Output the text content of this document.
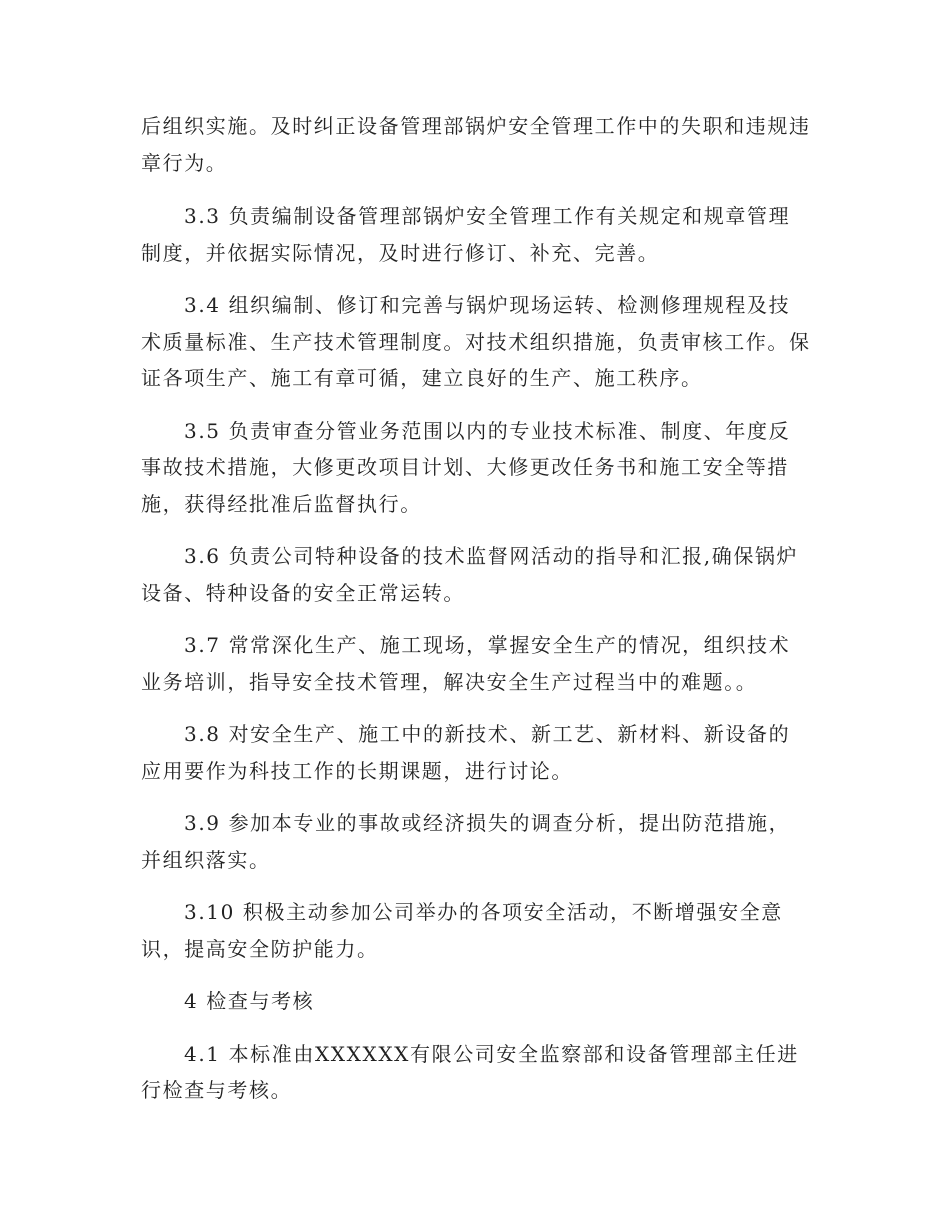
后组织实施。及时纠正设备管理部锅炉安全管理工作中的失职和违规违章行为。

3.3 负责编制设备管理部锅炉安全管理工作有关规定和规章管理制度，并依据实际情况，及时进行修订、补充、完善。

3.4 组织编制、修订和完善与锅炉现场运转、检测修理规程及技术质量标准、生产技术管理制度。对技术组织措施，负责审核工作。保证各项生产、施工有章可循，建立良好的生产、施工秩序。

3.5 负责审查分管业务范围以内的专业技术标准、制度、年度反事故技术措施，大修更改项目计划、大修更改任务书和施工安全等措施，获得经批准后监督执行。

3.6 负责公司特种设备的技术监督网活动的指导和汇报,确保锅炉设备、特种设备的安全正常运转。

3.7 常常深化生产、施工现场，掌握安全生产的情况，组织技术业务培训，指导安全技术管理，解决安全生产过程当中的难题。。

3.8 对安全生产、施工中的新技术、新工艺、新材料、新设备的应用要作为科技工作的长期课题，进行讨论。

3.9 参加本专业的事故或经济损失的调查分析，提出防范措施，并组织落实。

3.10 积极主动参加公司举办的各项安全活动，不断增强安全意识，提高安全防护能力。

4 检查与考核

4.1 本标准由XXXXXX有限公司安全监察部和设备管理部主任进行检查与考核。
